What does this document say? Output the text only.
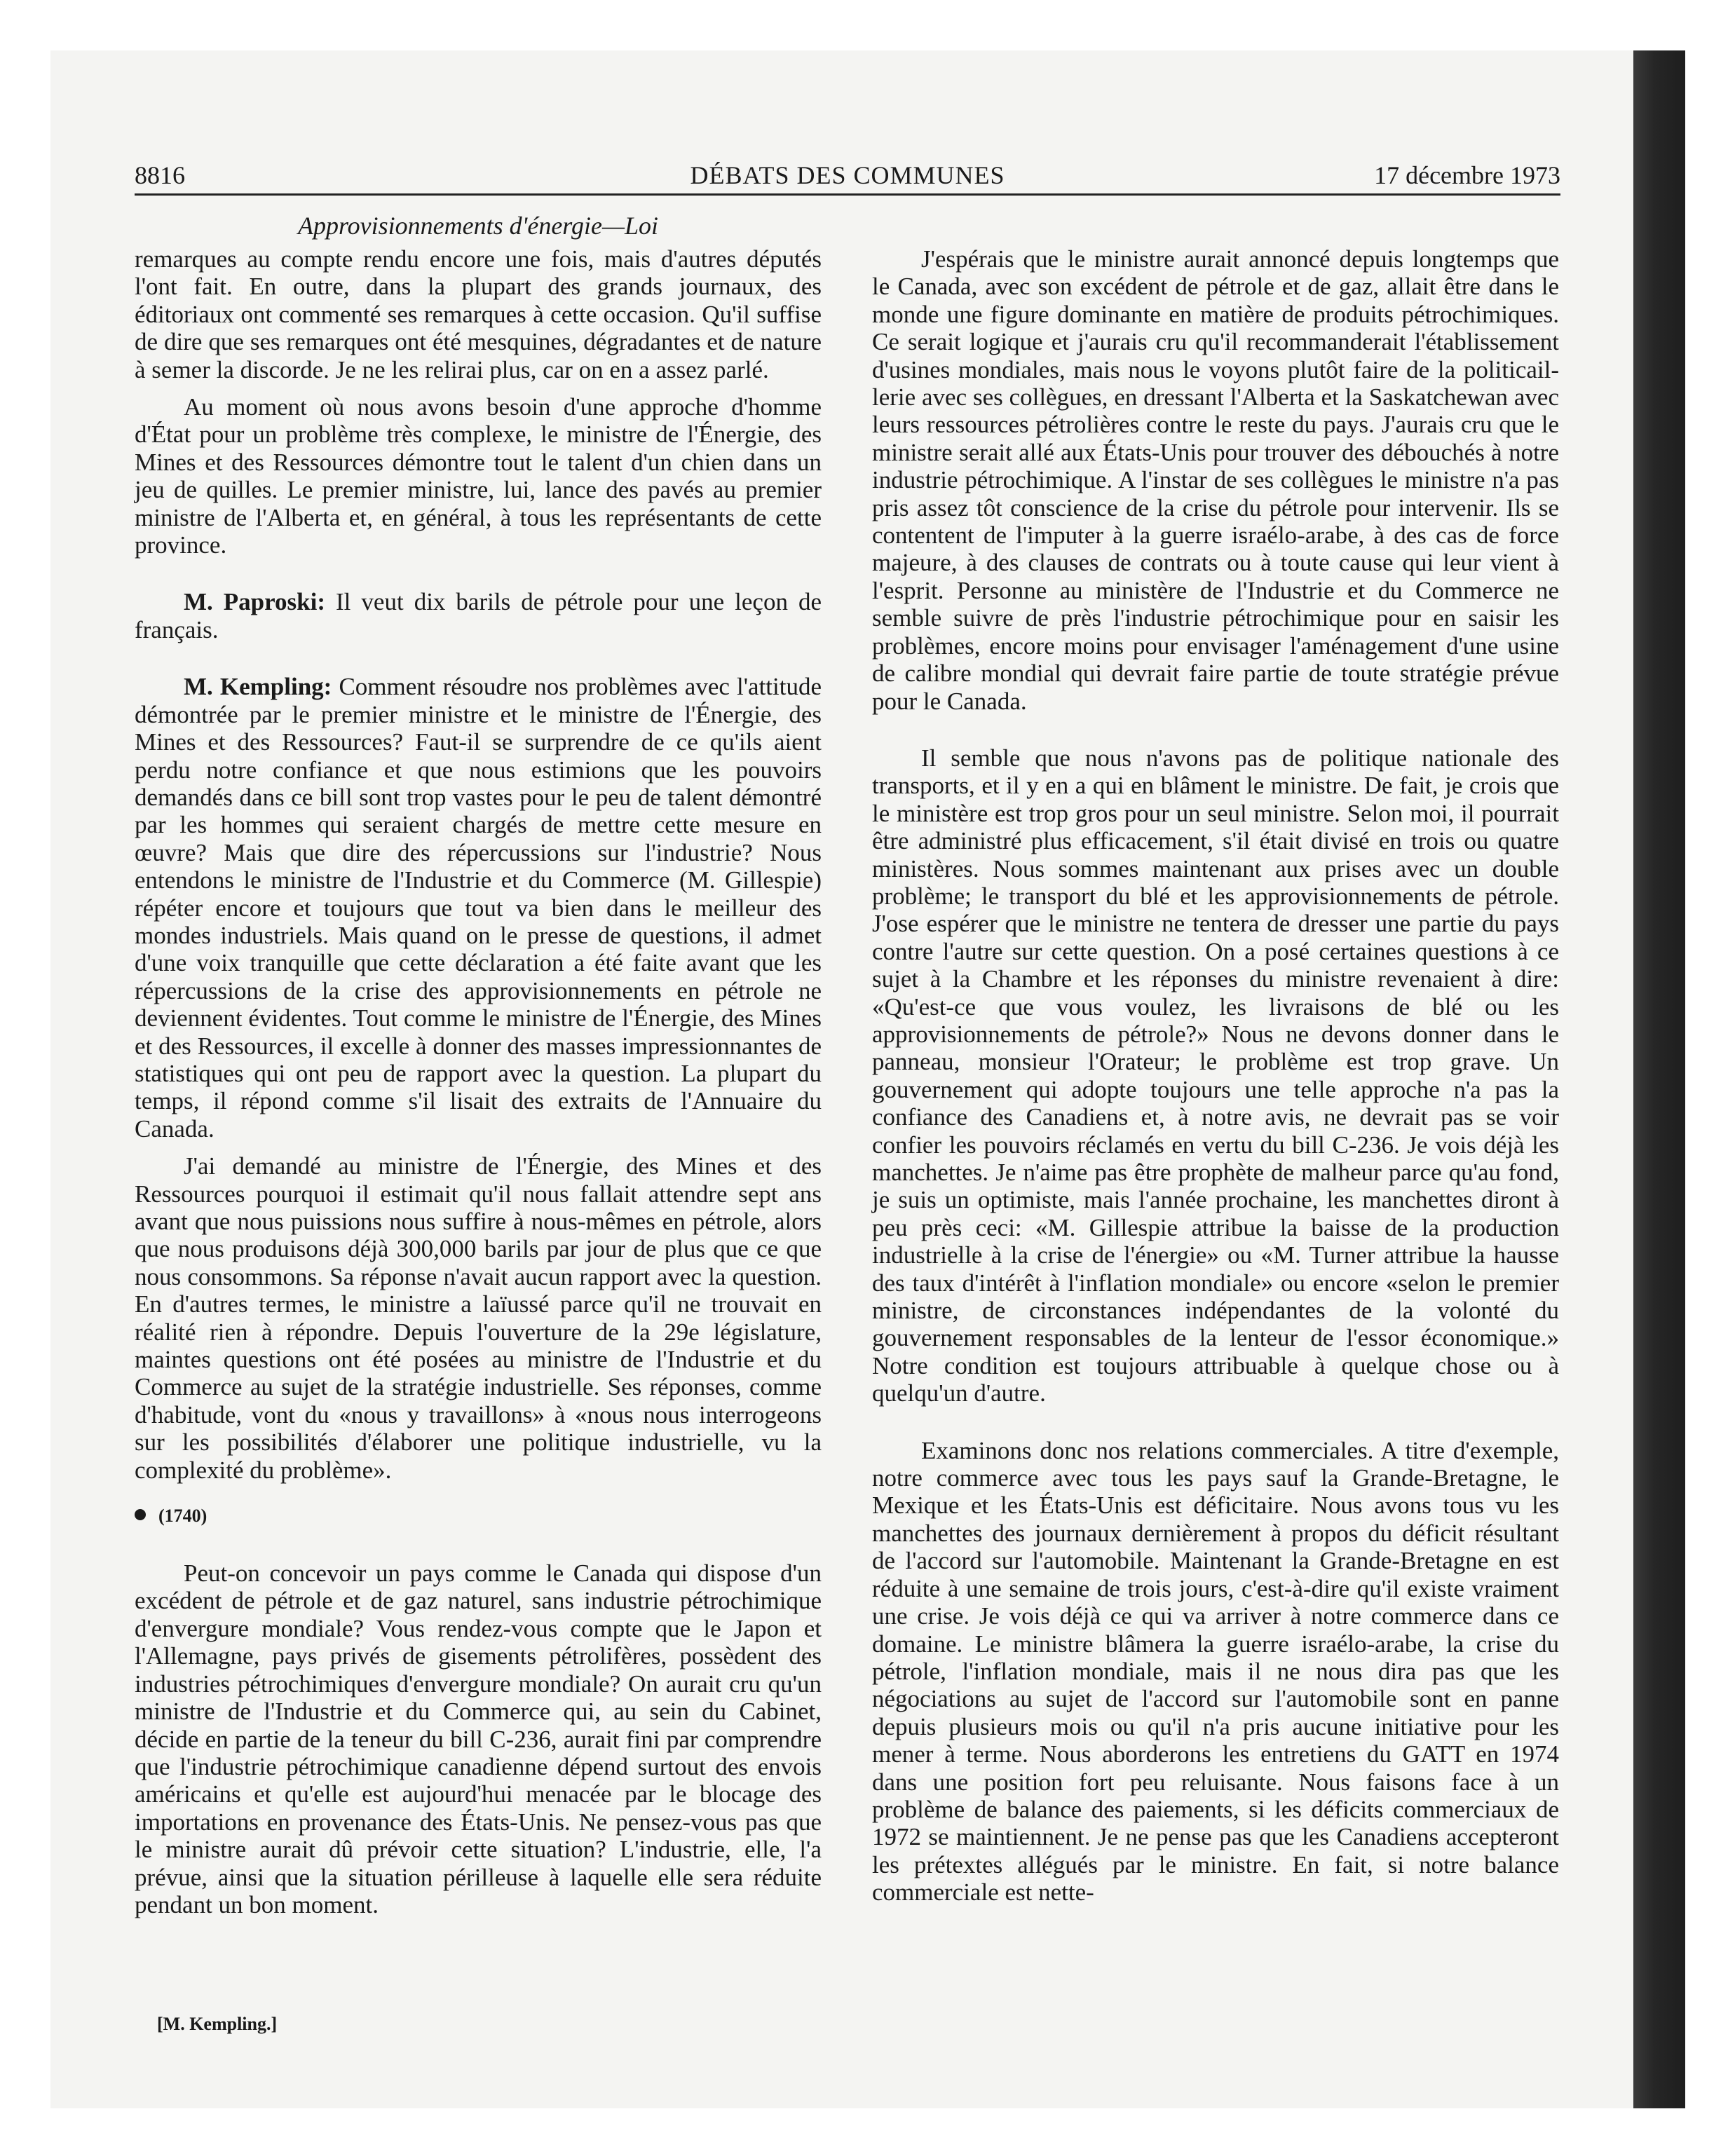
8816	DÉBATS DES COMMUNES	17 décembre 1973
Approvisionnements d'énergie—Loi

remarques au compte rendu encore une fois, mais d'autres députés l'ont fait. En outre, dans la plupart des grands journaux, des éditoriaux ont commenté ses remarques à cette occasion. Qu'il suffise de dire que ses remarques ont été mesquines, dégradantes et de nature à semer la discorde. Je ne les relirai plus, car on en a assez parlé.

Au moment où nous avons besoin d'une approche d'homme d'État pour un problème très complexe, le ministre de l'Énergie, des Mines et des Ressources démontre tout le talent d'un chien dans un jeu de quilles. Le premier ministre, lui, lance des pavés au premier ministre de l'Alberta et, en général, à tous les représentants de cette province.

M. Paproski: Il veut dix barils de pétrole pour une leçon de français.

M. Kempling: Comment résoudre nos problèmes avec l'attitude démontrée par le premier ministre et le ministre de l'Énergie, des Mines et des Ressources? Faut-il se surprendre de ce qu'ils aient perdu notre confiance et que nous estimions que les pouvoirs demandés dans ce bill sont trop vastes pour le peu de talent démontré par les hommes qui seraient chargés de mettre cette mesure en œuvre? Mais que dire des répercussions sur l'industrie? Nous entendons le ministre de l'Industrie et du Commerce (M. Gillespie) répéter encore et toujours que tout va bien dans le meilleur des mondes industriels. Mais quand on le presse de questions, il admet d'une voix tranquille que cette déclaration a été faite avant que les répercussions de la crise des approvisionnements en pétrole ne deviennent évidentes. Tout comme le ministre de l'Énergie, des Mines et des Ressources, il excelle à donner des masses impressionnantes de statistiques qui ont peu de rapport avec la question. La plupart du temps, il répond comme s'il lisait des extraits de l'Annuaire du Canada.

J'ai demandé au ministre de l'Énergie, des Mines et des Ressources pourquoi il estimait qu'il nous fallait attendre sept ans avant que nous puissions nous suffire à nous-mêmes en pétrole, alors que nous produisons déjà 300,000 barils par jour de plus que ce que nous consommons. Sa réponse n'avait aucun rapport avec la question. En d'autres termes, le ministre a laïussé parce qu'il ne trouvait en réalité rien à répondre. Depuis l'ouverture de la 29e législature, maintes questions ont été posées au ministre de l'Industrie et du Commerce au sujet de la stratégie industrielle. Ses réponses, comme d'habitude, vont du «nous y travaillons» à «nous nous interrogeons sur les possibilités d'élaborer une politique industrielle, vu la complexité du problème».

(1740)

Peut-on concevoir un pays comme le Canada qui dispose d'un excédent de pétrole et de gaz naturel, sans industrie pétrochimique d'envergure mondiale? Vous rendez-vous compte que le Japon et l'Allemagne, pays privés de gisements pétrolifères, possèdent des industries pétrochimiques d'envergure mondiale? On aurait cru qu'un ministre de l'Industrie et du Commerce qui, au sein du Cabinet, décide en partie de la teneur du bill C-236, aurait fini par comprendre que l'industrie pétrochimique canadienne dépend surtout des envois américains et qu'elle est aujourd'hui menacée par le blocage des importations en provenance des États-Unis. Ne pensez-vous pas que le ministre aurait dû prévoir cette situation? L'industrie, elle, l'a prévue, ainsi que la situation périlleuse à laquelle elle sera réduite pendant un bon moment.

[M. Kempling.]

J'espérais que le ministre aurait annoncé depuis longtemps que le Canada, avec son excédent de pétrole et de gaz, allait être dans le monde une figure dominante en matière de produits pétrochimiques. Ce serait logique et j'aurais cru qu'il recommanderait l'établissement d'usines mondiales, mais nous le voyons plutôt faire de la politicaillerie avec ses collègues, en dressant l'Alberta et la Saskatchewan avec leurs ressources pétrolières contre le reste du pays. J'aurais cru que le ministre serait allé aux États-Unis pour trouver des débouchés à notre industrie pétrochimique. A l'instar de ses collègues le ministre n'a pas pris assez tôt conscience de la crise du pétrole pour intervenir. Ils se contentent de l'imputer à la guerre israélo-arabe, à des cas de force majeure, à des clauses de contrats ou à toute cause qui leur vient à l'esprit. Personne au ministère de l'Industrie et du Commerce ne semble suivre de près l'industrie pétrochimique pour en saisir les problèmes, encore moins pour envisager l'aménagement d'une usine de calibre mondial qui devrait faire partie de toute stratégie prévue pour le Canada.

Il semble que nous n'avons pas de politique nationale des transports, et il y en a qui en blâment le ministre. De fait, je crois que le ministère est trop gros pour un seul ministre. Selon moi, il pourrait être administré plus efficacement, s'il était divisé en trois ou quatre ministères. Nous sommes maintenant aux prises avec un double problème; le transport du blé et les approvisionnements de pétrole. J'ose espérer que le ministre ne tentera de dresser une partie du pays contre l'autre sur cette question. On a posé certaines questions à ce sujet à la Chambre et les réponses du ministre revenaient à dire: «Qu'est-ce que vous voulez, les livraisons de blé ou les approvisionnements de pétrole?» Nous ne devons donner dans le panneau, monsieur l'Orateur; le problème est trop grave. Un gouvernement qui adopte toujours une telle approche n'a pas la confiance des Canadiens et, à notre avis, ne devrait pas se voir confier les pouvoirs réclamés en vertu du bill C-236. Je vois déjà les manchettes. Je n'aime pas être prophète de malheur parce qu'au fond, je suis un optimiste, mais l'année prochaine, les manchettes diront à peu près ceci: «M. Gillespie attribue la baisse de la production industrielle à la crise de l'énergie» ou «M. Turner attribue la hausse des taux d'intérêt à l'inflation mondiale» ou encore «selon le premier ministre, de circonstances indépendantes de la volonté du gouvernement responsables de la lenteur de l'essor économique.» Notre condition est toujours attribuable à quelque chose ou à quelqu'un d'autre.

Examinons donc nos relations commerciales. A titre d'exemple, notre commerce avec tous les pays sauf la Grande-Bretagne, le Mexique et les États-Unis est déficitaire. Nous avons tous vu les manchettes des journaux dernièrement à propos du déficit résultant de l'accord sur l'automobile. Maintenant la Grande-Bretagne en est réduite à une semaine de trois jours, c'est-à-dire qu'il existe vraiment une crise. Je vois déjà ce qui va arriver à notre commerce dans ce domaine. Le ministre blâmera la guerre israélo-arabe, la crise du pétrole, l'inflation mondiale, mais il ne nous dira pas que les négociations au sujet de l'accord sur l'automobile sont en panne depuis plusieurs mois ou qu'il n'a pris aucune initiative pour les mener à terme. Nous aborderons les entretiens du GATT en 1974 dans une position fort peu reluisante. Nous faisons face à un problème de balance des paiements, si les déficits commerciaux de 1972 se maintiennent. Je ne pense pas que les Canadiens accepteront les prétextes allégués par le ministre. En fait, si notre balance commerciale est nette-
